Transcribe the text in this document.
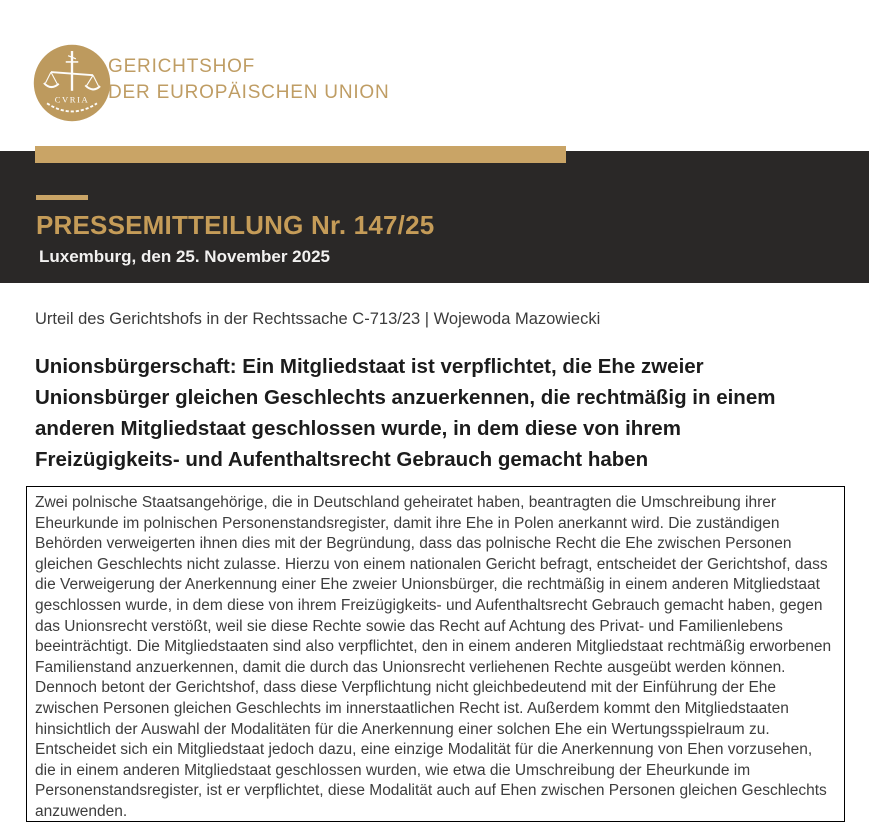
CVRIA
GERICHTSHOF
DER EUROPÄISCHEN UNION
PRESSEMITTEILUNG Nr. 147/25
Luxemburg, den 25. November 2025
Urteil des Gerichtshofs in der Rechtssache C-713/23 | Wojewoda Mazowiecki
Unionsbürgerschaft: Ein Mitgliedstaat ist verpflichtet, die Ehe zweier Unionsbürger gleichen Geschlechts anzuerkennen, die rechtmäßig in einem anderen Mitgliedstaat geschlossen wurde, in dem diese von ihrem Freizügigkeits- und Aufenthaltsrecht Gebrauch gemacht haben
Zwei polnische Staatsangehörige, die in Deutschland geheiratet haben, beantragten die Umschreibung ihrer Eheurkunde im polnischen Personenstandsregister, damit ihre Ehe in Polen anerkannt wird. Die zuständigen Behörden verweigerten ihnen dies mit der Begründung, dass das polnische Recht die Ehe zwischen Personen gleichen Geschlechts nicht zulasse. Hierzu von einem nationalen Gericht befragt, entscheidet der Gerichtshof, dass die Verweigerung der Anerkennung einer Ehe zweier Unionsbürger, die rechtmäßig in einem anderen Mitgliedstaat geschlossen wurde, in dem diese von ihrem Freizügigkeits- und Aufenthaltsrecht Gebrauch gemacht haben, gegen das Unionsrecht verstößt, weil sie diese Rechte sowie das Recht auf Achtung des Privat- und Familienlebens beeinträchtigt. Die Mitgliedstaaten sind also verpflichtet, den in einem anderen Mitgliedstaat rechtmäßig erworbenen Familienstand anzuerkennen, damit die durch das Unionsrecht verliehenen Rechte ausgeübt werden können. Dennoch betont der Gerichtshof, dass diese Verpflichtung nicht gleichbedeutend mit der Einführung der Ehe zwischen Personen gleichen Geschlechts im innerstaatlichen Recht ist. Außerdem kommt den Mitgliedstaaten hinsichtlich der Auswahl der Modalitäten für die Anerkennung einer solchen Ehe ein Wertungsspielraum zu. Entscheidet sich ein Mitgliedstaat jedoch dazu, eine einzige Modalität für die Anerkennung von Ehen vorzusehen, die in einem anderen Mitgliedstaat geschlossen wurden, wie etwa die Umschreibung der Eheurkunde im Personenstandsregister, ist er verpflichtet, diese Modalität auch auf Ehen zwischen Personen gleichen Geschlechts anzuwenden.
